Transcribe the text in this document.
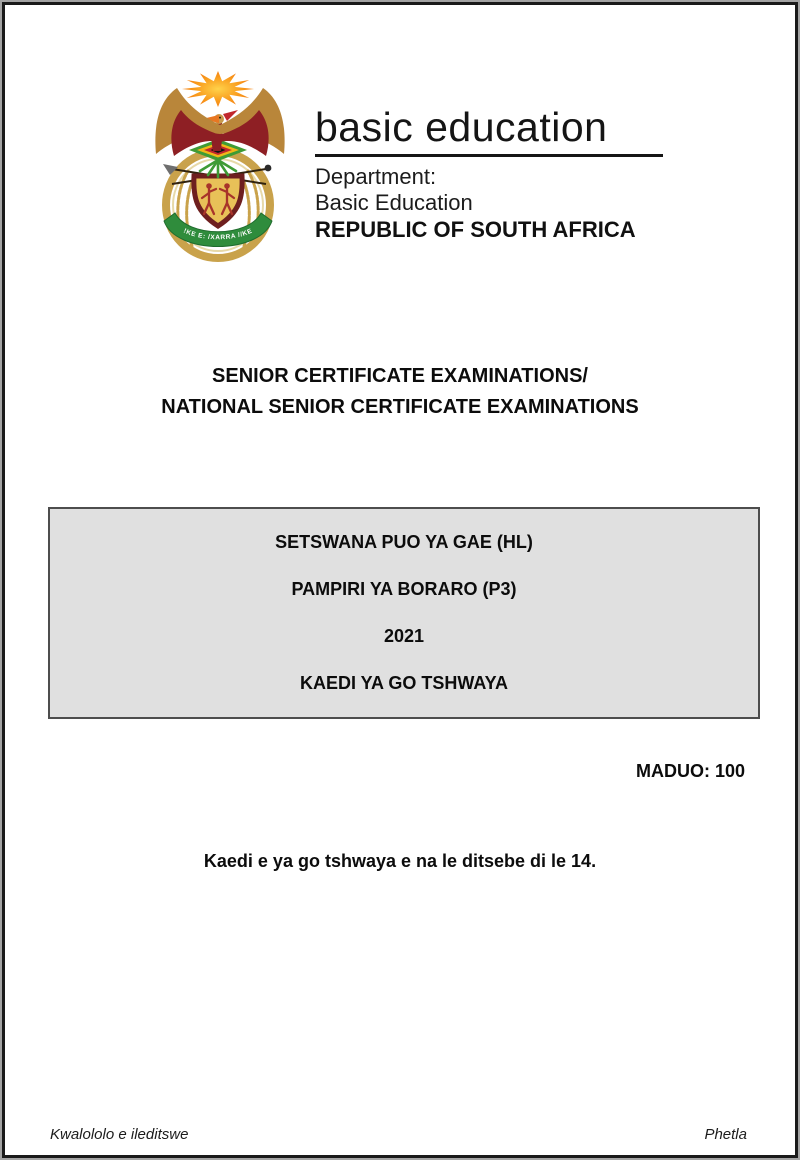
!KE E: /XARRA //KE
basic education
Department:
Basic Education
REPUBLIC OF SOUTH AFRICA
SENIOR CERTIFICATE EXAMINATIONS/
NATIONAL SENIOR CERTIFICATE EXAMINATIONS

SETSWANA PUO YA GAE (HL)

PAMPIRI YA BORARO (P3)

2021

KAEDI YA GO TSHWAYA

MADUO: 100
Kaedi e ya go tshwaya e na le ditsebe di le 14.
Kwalololo e ileditswe	Phetla
